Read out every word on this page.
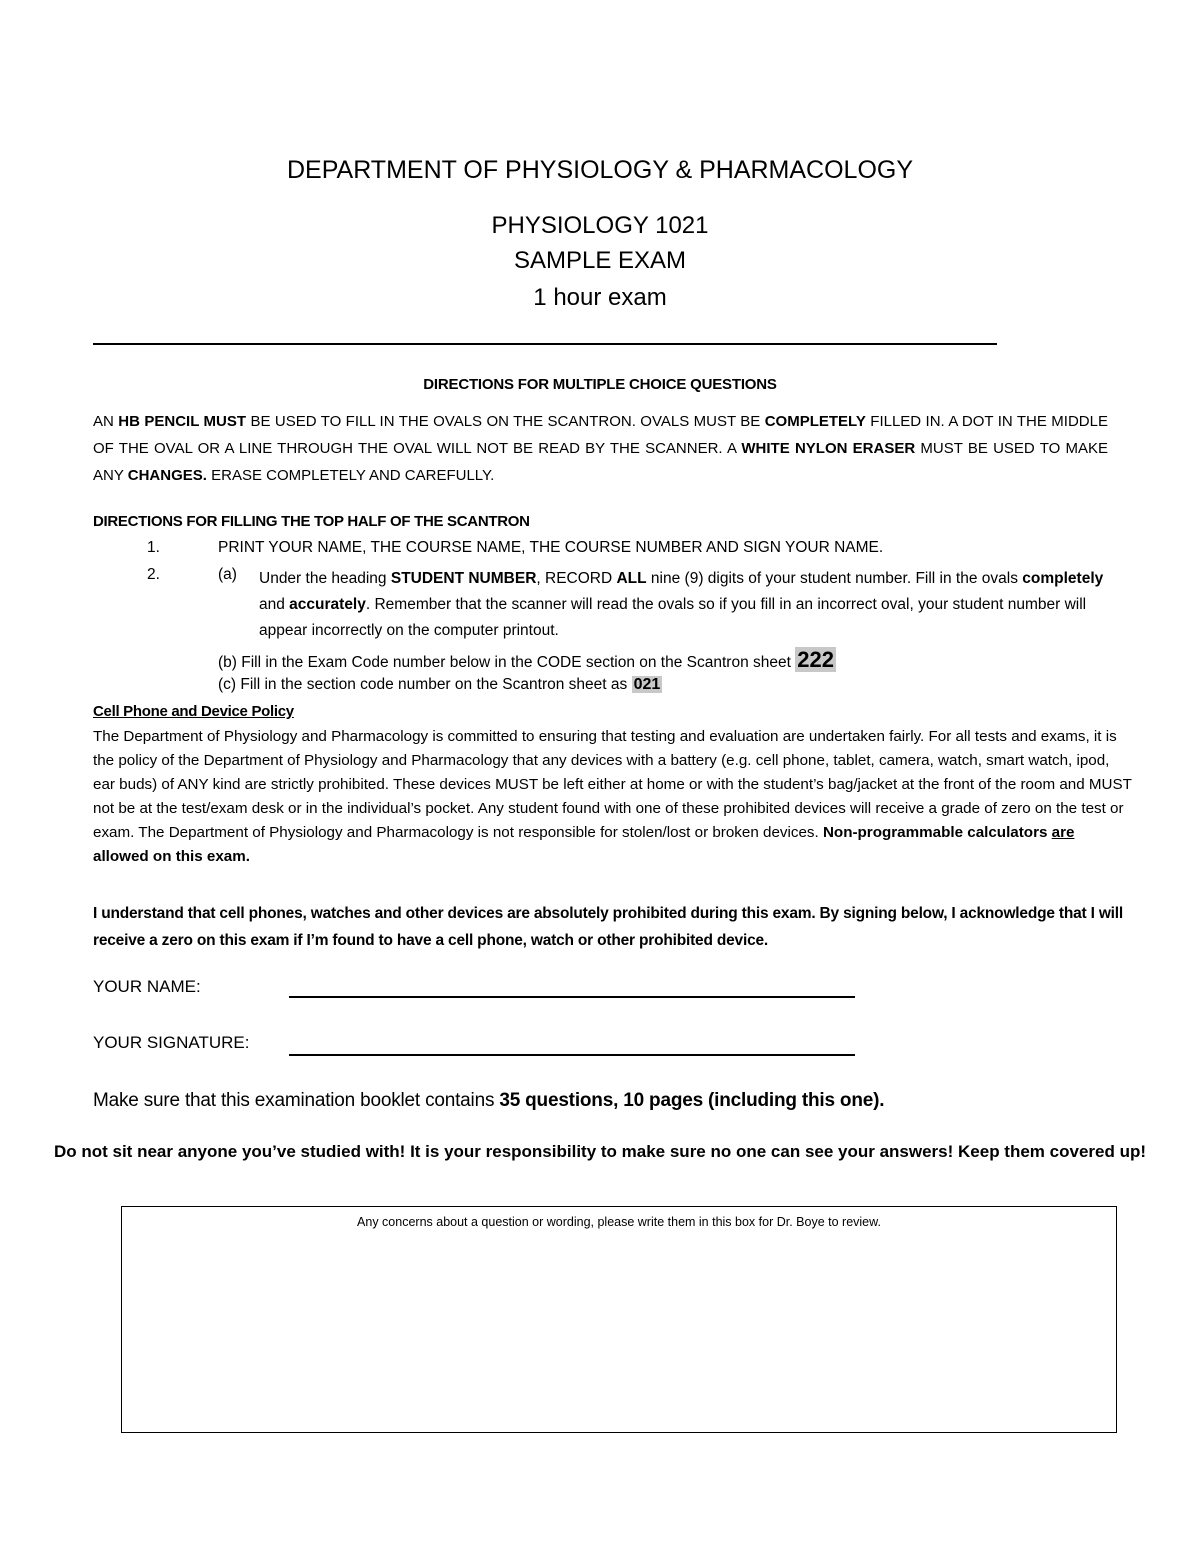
DEPARTMENT OF PHYSIOLOGY & PHARMACOLOGY
PHYSIOLOGY 1021
SAMPLE EXAM
1 hour exam
DIRECTIONS FOR MULTIPLE CHOICE QUESTIONS
AN HB PENCIL MUST BE USED TO FILL IN THE OVALS ON THE SCANTRON. OVALS MUST BE COMPLETELY FILLED IN. A DOT IN THE MIDDLE OF THE OVAL OR A LINE THROUGH THE OVAL WILL NOT BE READ BY THE SCANNER. A WHITE NYLON ERASER MUST BE USED TO MAKE ANY CHANGES. ERASE COMPLETELY AND CAREFULLY.
DIRECTIONS FOR FILLING THE TOP HALF OF THE SCANTRON
1.	PRINT YOUR NAME, THE COURSE NAME, THE COURSE NUMBER AND SIGN YOUR NAME.
2.	(a) Under the heading STUDENT NUMBER, RECORD ALL nine (9) digits of your student number. Fill in the ovals completely and accurately. Remember that the scanner will read the ovals so if you fill in an incorrect oval, your student number will appear incorrectly on the computer printout.
(b) Fill in the Exam Code number below in the CODE section on the Scantron sheet 222
(c) Fill in the section code number on the Scantron sheet as 021
Cell Phone and Device Policy
The Department of Physiology and Pharmacology is committed to ensuring that testing and evaluation are undertaken fairly. For all tests and exams, it is the policy of the Department of Physiology and Pharmacology that any devices with a battery (e.g. cell phone, tablet, camera, watch, smart watch, ipod, ear buds) of ANY kind are strictly prohibited. These devices MUST be left either at home or with the student’s bag/jacket at the front of the room and MUST not be at the test/exam desk or in the individual’s pocket. Any student found with one of these prohibited devices will receive a grade of zero on the test or exam. The Department of Physiology and Pharmacology is not responsible for stolen/lost or broken devices. Non-programmable calculators are allowed on this exam.
I understand that cell phones, watches and other devices are absolutely prohibited during this exam. By signing below, I acknowledge that I will receive a zero on this exam if I’m found to have a cell phone, watch or other prohibited device.
YOUR NAME:
YOUR SIGNATURE:
Make sure that this examination booklet contains 35 questions, 10 pages (including this one).
Do not sit near anyone you’ve studied with! It is your responsibility to make sure no one can see your answers! Keep them covered up!
Any concerns about a question or wording, please write them in this box for Dr. Boye to review.
